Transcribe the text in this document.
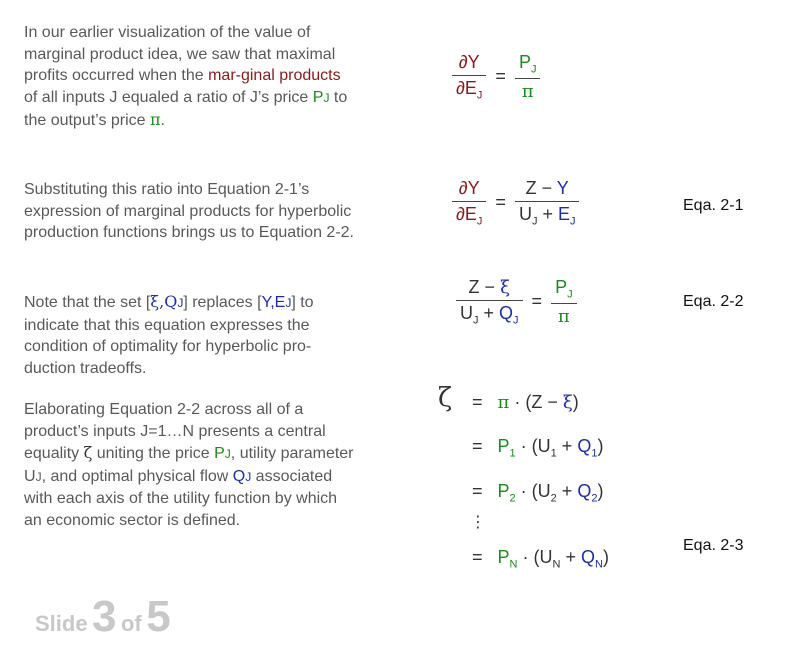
In our earlier visualization of the value of marginal product idea, we saw that maximal profits occurred when the mar-ginal products of all inputs J equaled a ratio of J’s price PJ to the output’s price π.

Substituting this ratio into Equation 2-1’s expression of marginal products for hyperbolic production functions brings us to Equation 2-2.

Note that the set [ξ,QJ] replaces [Y,EJ] to indicate that this equation expresses the condition of optimality for hyperbolic pro-duction tradeoffs.

Elaborating Equation 2-2 across all of a product’s inputs J=1…N presents a central equality ζ uniting the price PJ, utility parameter UJ, and optimal physical flow QJ associated with each axis of the utility function by which an economic sector is defined.

$\frac{\partial Y}{\partial E_J} = \frac{P_J}{\pi}$
$\frac{\partial Y}{\partial E_J} = \frac{Z - Y}{U_J + E_J}$	Eqa. 2-1
$\frac{Z - \xi}{U_J + Q_J} = \frac{P_J}{\pi}$	Eqa. 2-2
ζ = π · (Z − ξ)
= $P_1 \cdot (U_1 + Q_1)$
= $P_2 \cdot (U_2 + Q_2)$
⋮
= $P_N \cdot (U_N + Q_N)$
Eqa. 2-3
Slide 3 of 5
